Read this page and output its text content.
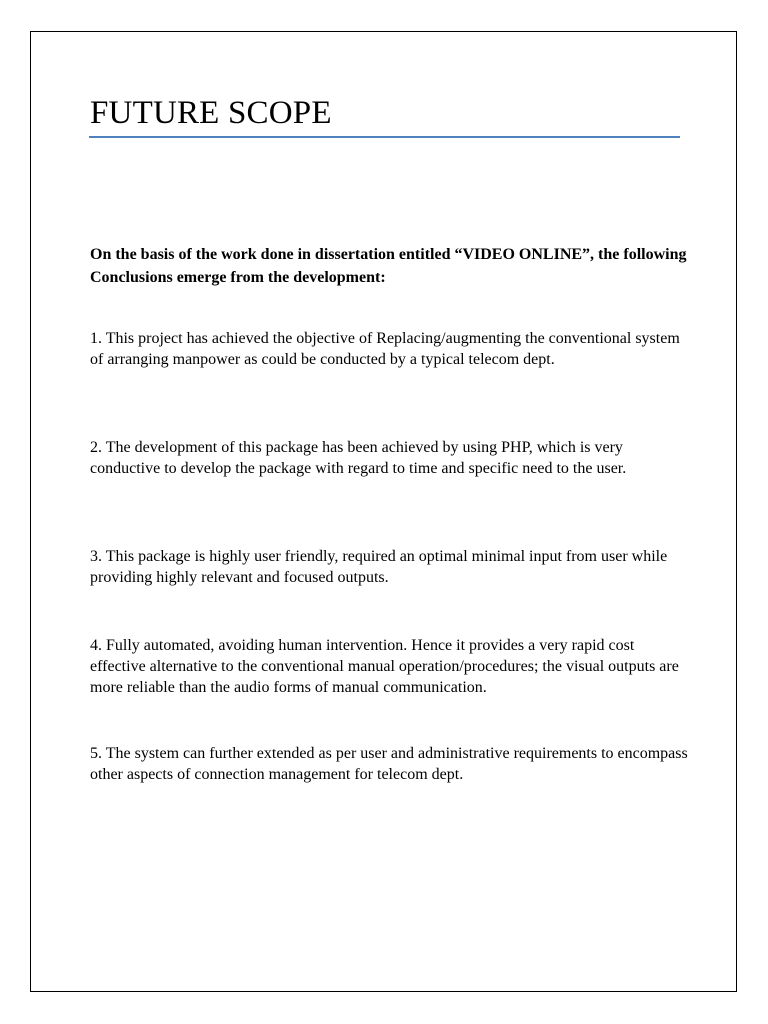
FUTURE SCOPE

On the basis of the work done in dissertation entitled “VIDEO ONLINE”, the following Conclusions emerge from the development:

1. This project has achieved the objective of Replacing/augmenting the conventional system of arranging manpower as could be conducted by a typical telecom dept.

2. The development of this package has been achieved by using PHP, which is very conductive to develop the package with regard to time and specific need to the user.

3. This package is highly user friendly, required an optimal minimal input from user while providing highly relevant and focused outputs.

4. Fully automated, avoiding human intervention. Hence it provides a very rapid cost effective alternative to the conventional manual operation/procedures; the visual outputs are more reliable than the audio forms of manual communication.

5. The system can further extended as per user and administrative requirements to encompass other aspects of connection management for telecom dept.
